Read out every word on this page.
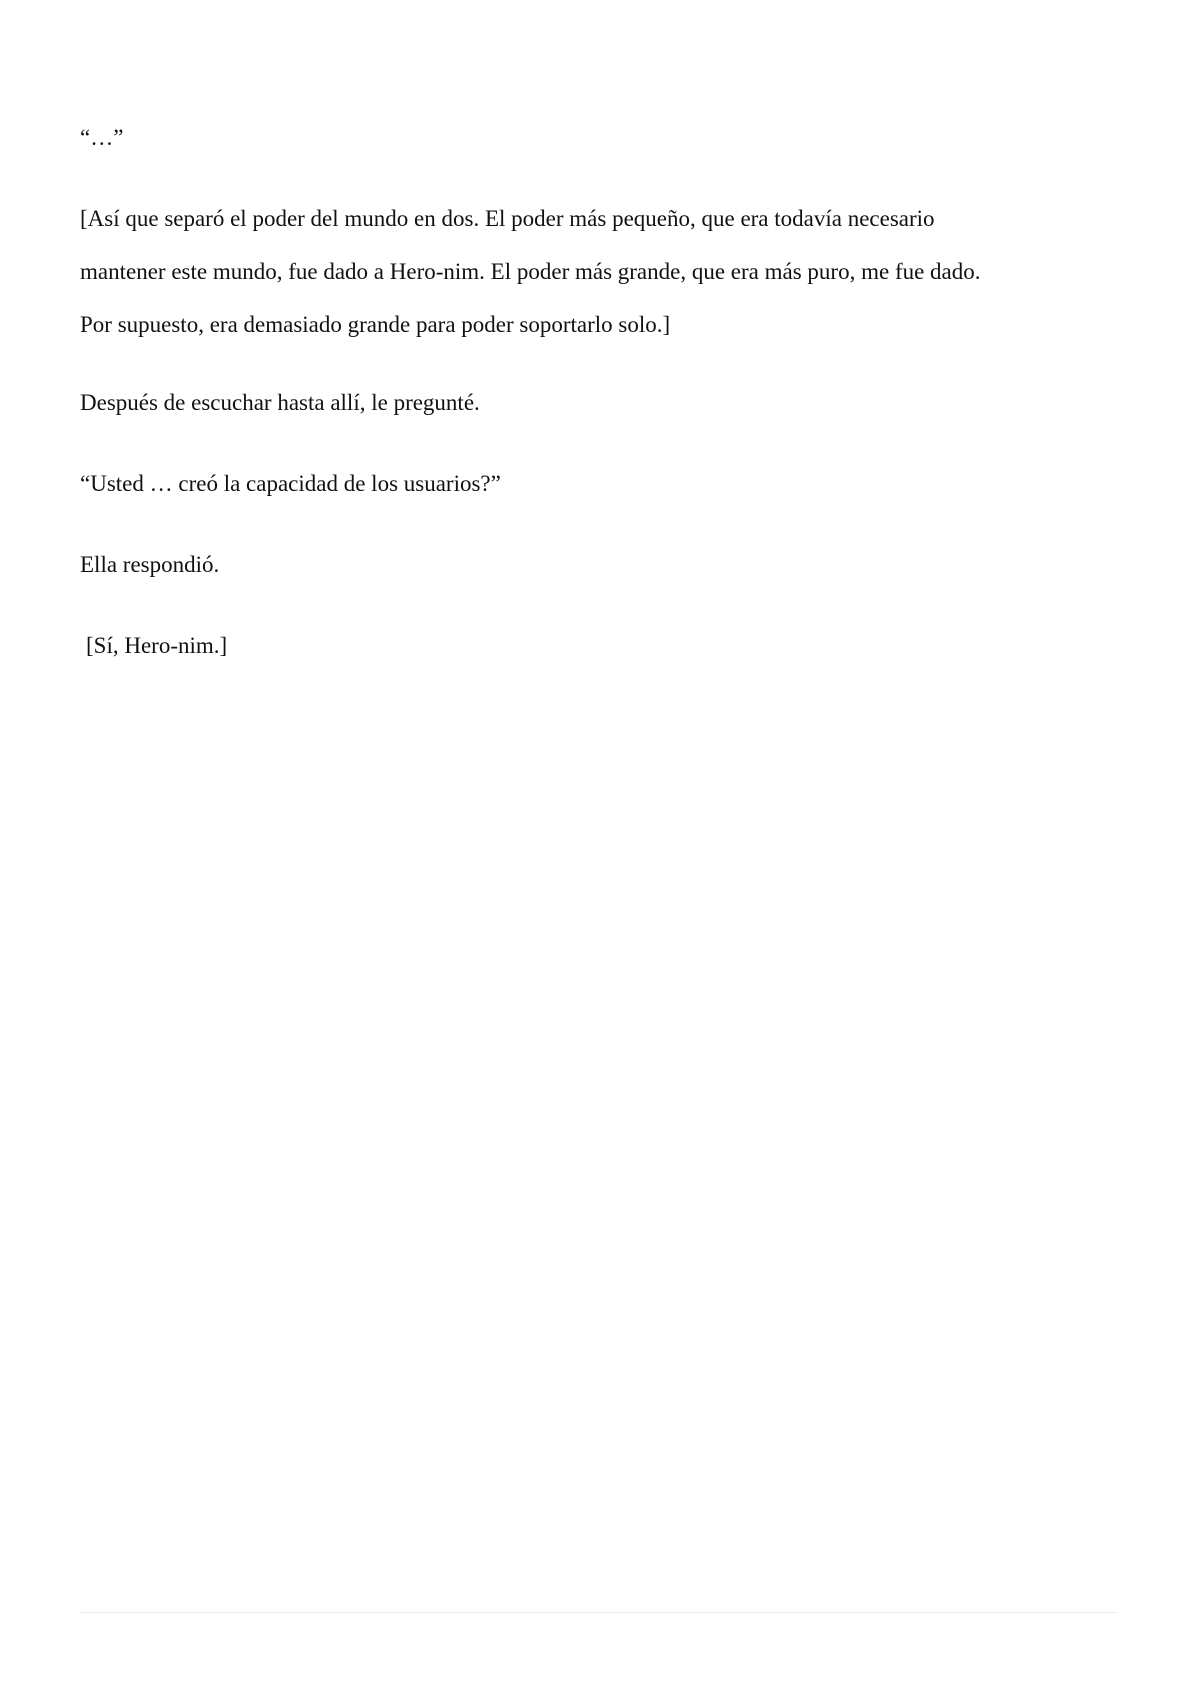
“…”

[Así que separó el poder del mundo en dos. El poder más pequeño, que era todavía necesario

mantener este mundo, fue dado a Hero-nim. El poder más grande, que era más puro, me fue dado.

Por supuesto, era demasiado grande para poder soportarlo solo.]

Después de escuchar hasta allí, le pregunté.

“Usted … creó la capacidad de los usuarios?”

Ella respondió.

[Sí, Hero-nim.]
